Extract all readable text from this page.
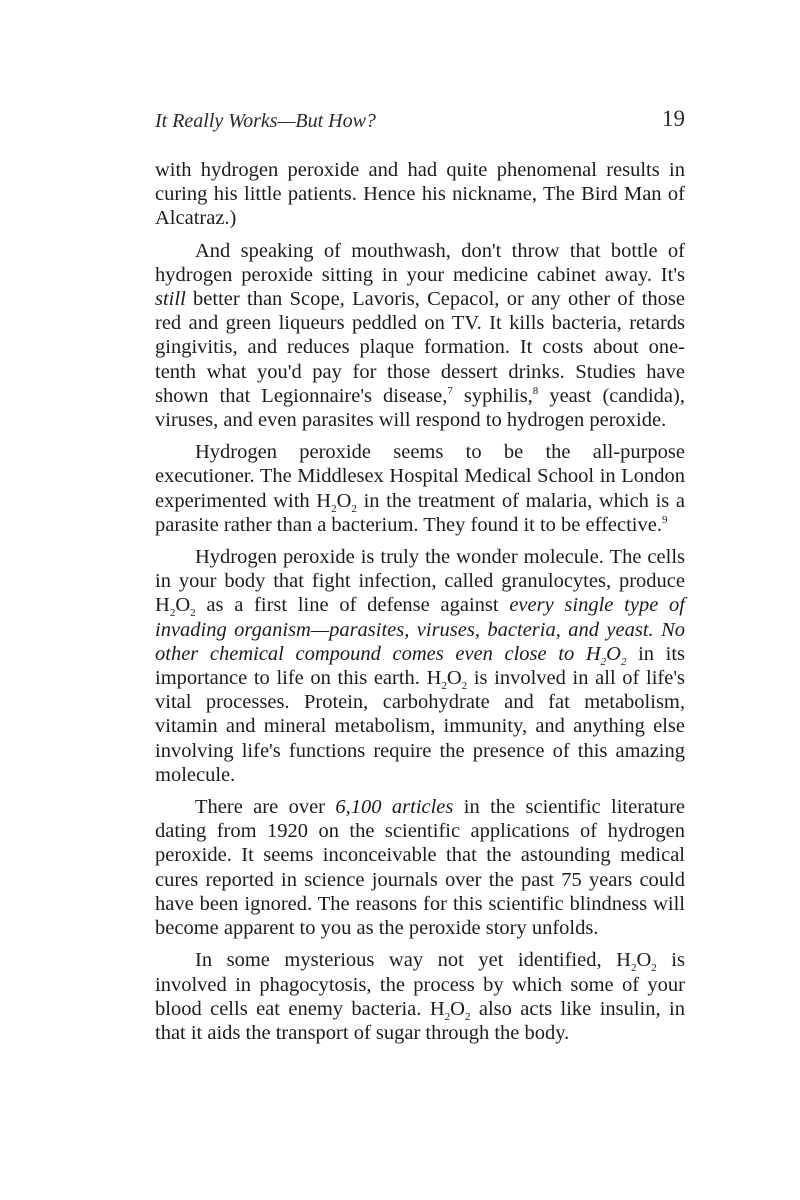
It Really Works—But How?	19

with hydrogen peroxide and had quite phenomenal results in curing his little patients. Hence his nickname, The Bird Man of Alcatraz.)

And speaking of mouthwash, don't throw that bottle of hydrogen peroxide sitting in your medicine cabinet away. It's still better than Scope, Lavoris, Cepacol, or any other of those red and green liqueurs peddled on TV. It kills bacteria, retards gingivitis, and reduces plaque formation. It costs about one-tenth what you'd pay for those dessert drinks. Studies have shown that Legionnaire's disease,$^7$ syphilis,$^8$ yeast (candida), viruses, and even parasites will respond to hydrogen peroxide.

Hydrogen peroxide seems to be the all-purpose executioner. The Middlesex Hospital Medical School in London experimented with $H_2O_2$ in the treatment of malaria, which is a parasite rather than a bacterium. They found it to be effective.$^9$

Hydrogen peroxide is truly the wonder molecule. The cells in your body that fight infection, called granulocytes, produce $H_2O_2$ as a first line of defense against every single type of invading organism—parasites, viruses, bacteria, and yeast. No other chemical compound comes even close to $H_2O_2$ in its importance to life on this earth. $H_2O_2$ is involved in all of life's vital processes. Protein, carbohydrate and fat metabolism, vitamin and mineral metabolism, immunity, and anything else involving life's functions require the presence of this amazing molecule.

There are over 6,100 articles in the scientific literature dating from 1920 on the scientific applications of hydrogen peroxide. It seems inconceivable that the astounding medical cures reported in science journals over the past 75 years could have been ignored. The reasons for this scientific blindness will become apparent to you as the peroxide story unfolds.

In some mysterious way not yet identified, $H_2O_2$ is involved in phagocytosis, the process by which some of your blood cells eat enemy bacteria. $H_2O_2$ also acts like insulin, in that it aids the transport of sugar through the body.
